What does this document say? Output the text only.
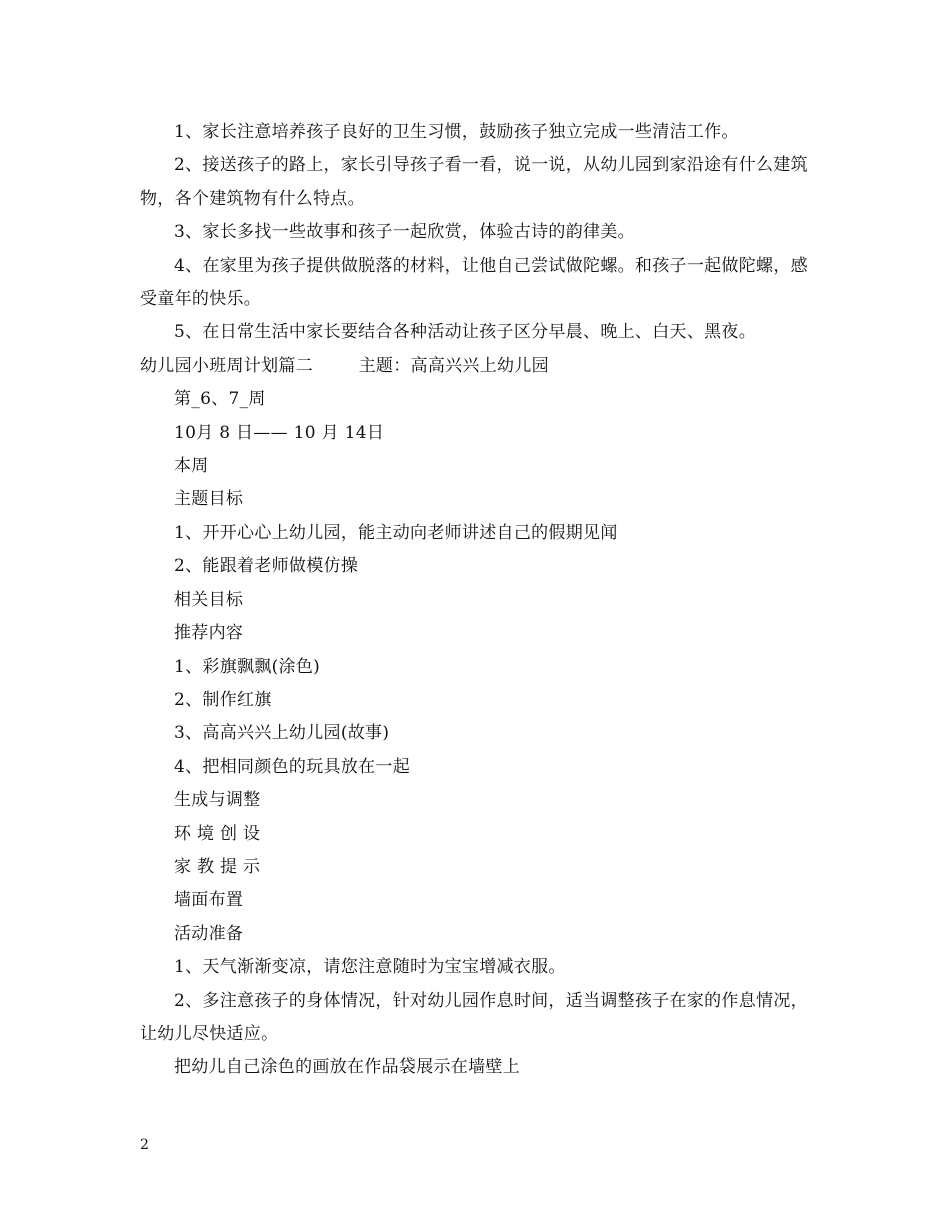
1、家长注意培养孩子良好的卫生习惯，鼓励孩子独立完成一些清洁工作。

2、接送孩子的路上，家长引导孩子看一看，说一说，从幼儿园到家沿途有什么建筑物，各个建筑物有什么特点。

3、家长多找一些故事和孩子一起欣赏，体验古诗的韵律美。

4、在家里为孩子提供做脱落的材料，让他自己尝试做陀螺。和孩子一起做陀螺，感受童年的快乐。

5、在日常生活中家长要结合各种活动让孩子区分早晨、晚上、白天、黑夜。

幼儿园小班周计划篇二        主题：高高兴兴上幼儿园

第_6、7_周

10月 8 日—— 10 月 14日

本周

主题目标

1、开开心心上幼儿园，能主动向老师讲述自己的假期见闻

2、能跟着老师做模仿操

相关目标

推荐内容

1、彩旗飘飘(涂色)

2、制作红旗

3、高高兴兴上幼儿园(故事)

4、把相同颜色的玩具放在一起

生成与调整

环 境 创 设

家 教 提 示

墙面布置

活动准备

1、天气渐渐变凉，请您注意随时为宝宝增减衣服。

2、多注意孩子的身体情况，针对幼儿园作息时间，适当调整孩子在家的作息情况，让幼儿尽快适应。

把幼儿自己涂色的画放在作品袋展示在墙壁上

2
